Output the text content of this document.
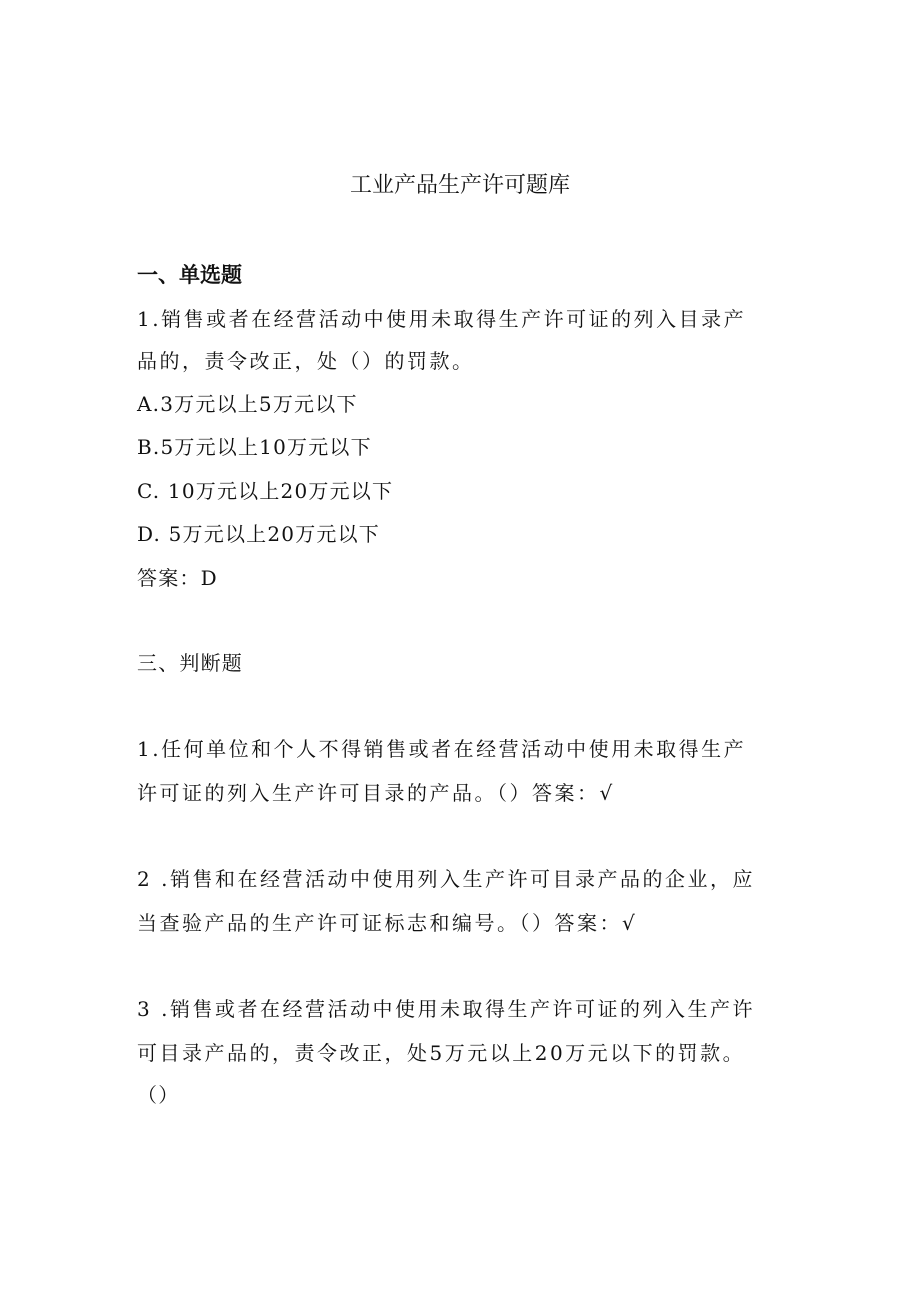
工业产品生产许可题库
一、单选题
1.销售或者在经营活动中使用未取得生产许可证的列入目录产
品的，责令改正，处（）的罚款。
A.3万元以上5万元以下
B.5万元以上10万元以下
C. 10万元以上20万元以下
D. 5万元以上20万元以下
答案：D
三、判断题
1.任何单位和个人不得销售或者在经营活动中使用未取得生产
许可证的列入生产许可目录的产品。（）答案：√
2 .销售和在经营活动中使用列入生产许可目录产品的企业，应
当查验产品的生产许可证标志和编号。（）答案：√
3 .销售或者在经营活动中使用未取得生产许可证的列入生产许
可目录产品的，责令改正，处5万元以上20万元以下的罚款。
（）
